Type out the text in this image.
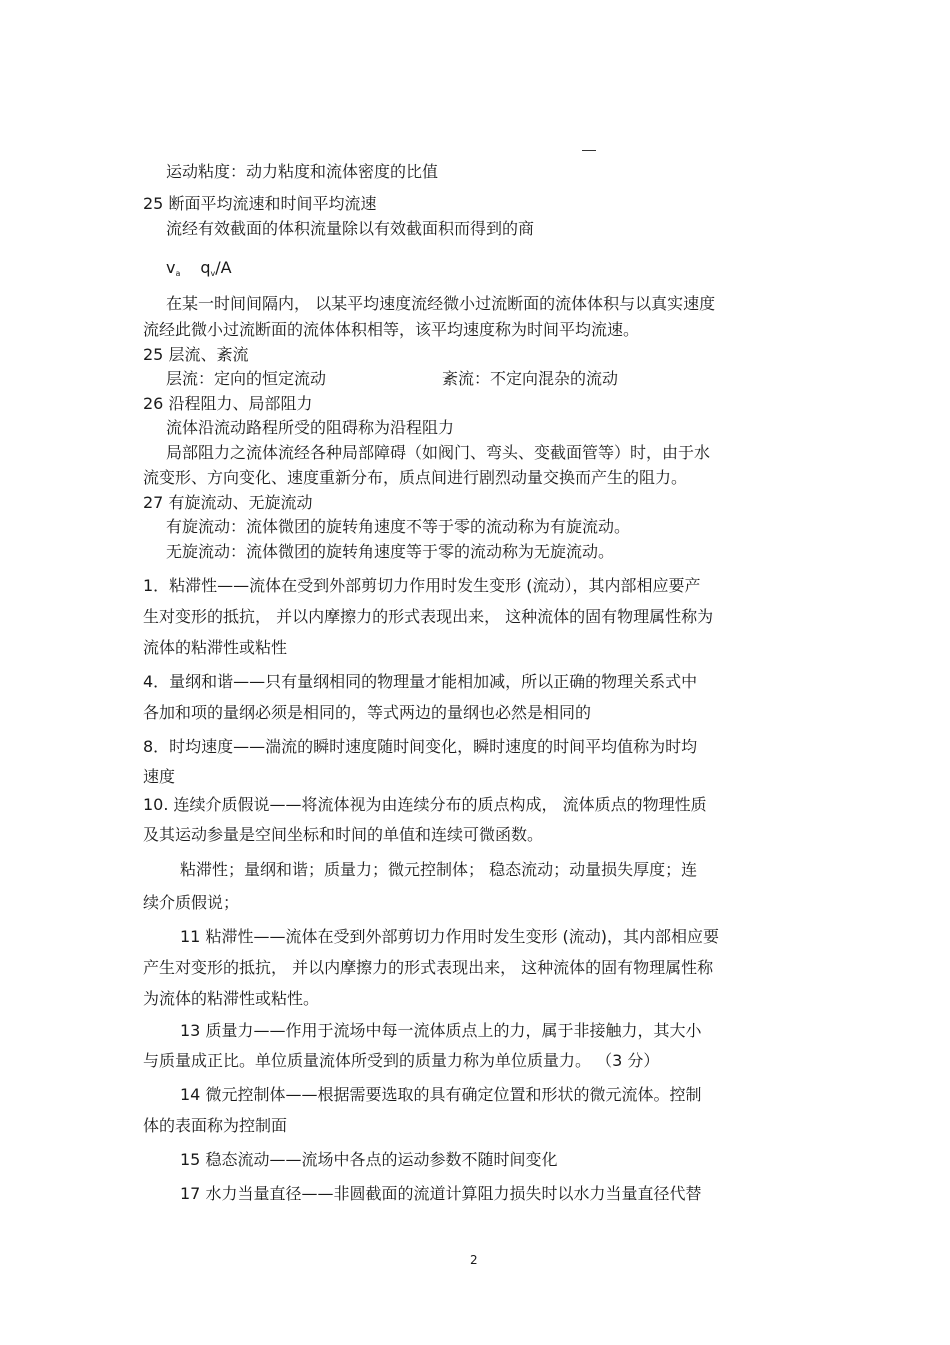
运动粘度：动力粘度和流体密度的比值
25 断面平均流速和时间平均流速
流经有效截面的体积流量除以有效截面积而得到的商
$v_a$ $q_v/A$
在某一时间间隔内， 以某平均速度流经微小过流断面的流体体积与以真实速度
流经此微小过流断面的流体体积相等，该平均速度称为时间平均流速。
25 层流、紊流
层流：定向的恒定流动	紊流：不定向混杂的流动
26 沿程阻力、局部阻力
流体沿流动路程所受的阻碍称为沿程阻力
局部阻力之流体流经各种局部障碍（如阀门、弯头、变截面管等）时，由于水
流变形、方向变化、速度重新分布，质点间进行剧烈动量交换而产生的阻力。
27 有旋流动、无旋流动
有旋流动：流体微团的旋转角速度不等于零的流动称为有旋流动。
无旋流动：流体微团的旋转角速度等于零的流动称为无旋流动。
1．粘滞性——流体在受到外部剪切力作用时发生变形 (流动），其内部相应要产
生对变形的抵抗， 并以内摩擦力的形式表现出来， 这种流体的固有物理属性称为
流体的粘滞性或粘性
4．量纲和谐——只有量纲相同的物理量才能相加减，所以正确的物理关系式中
各加和项的量纲必须是相同的，等式两边的量纲也必然是相同的
8．时均速度——湍流的瞬时速度随时间变化，瞬时速度的时间平均值称为时均
速度
10. 连续介质假说——将流体视为由连续分布的质点构成， 流体质点的物理性质
及其运动参量是空间坐标和时间的单值和连续可微函数。
粘滞性；量纲和谐；质量力；微元控制体； 稳态流动；动量损失厚度；连
续介质假说；
11 粘滞性——流体在受到外部剪切力作用时发生变形 (流动)，其内部相应要
产生对变形的抵抗， 并以内摩擦力的形式表现出来， 这种流体的固有物理属性称
为流体的粘滞性或粘性。
13 质量力——作用于流场中每一流体质点上的力，属于非接触力，其大小
与质量成正比。单位质量流体所受到的质量力称为单位质量力。 （3 分）
14 微元控制体——根据需要选取的具有确定位置和形状的微元流体。控制
体的表面称为控制面
15 稳态流动——流场中各点的运动参数不随时间变化
17 水力当量直径——非圆截面的流道计算阻力损失时以水力当量直径代替
2
